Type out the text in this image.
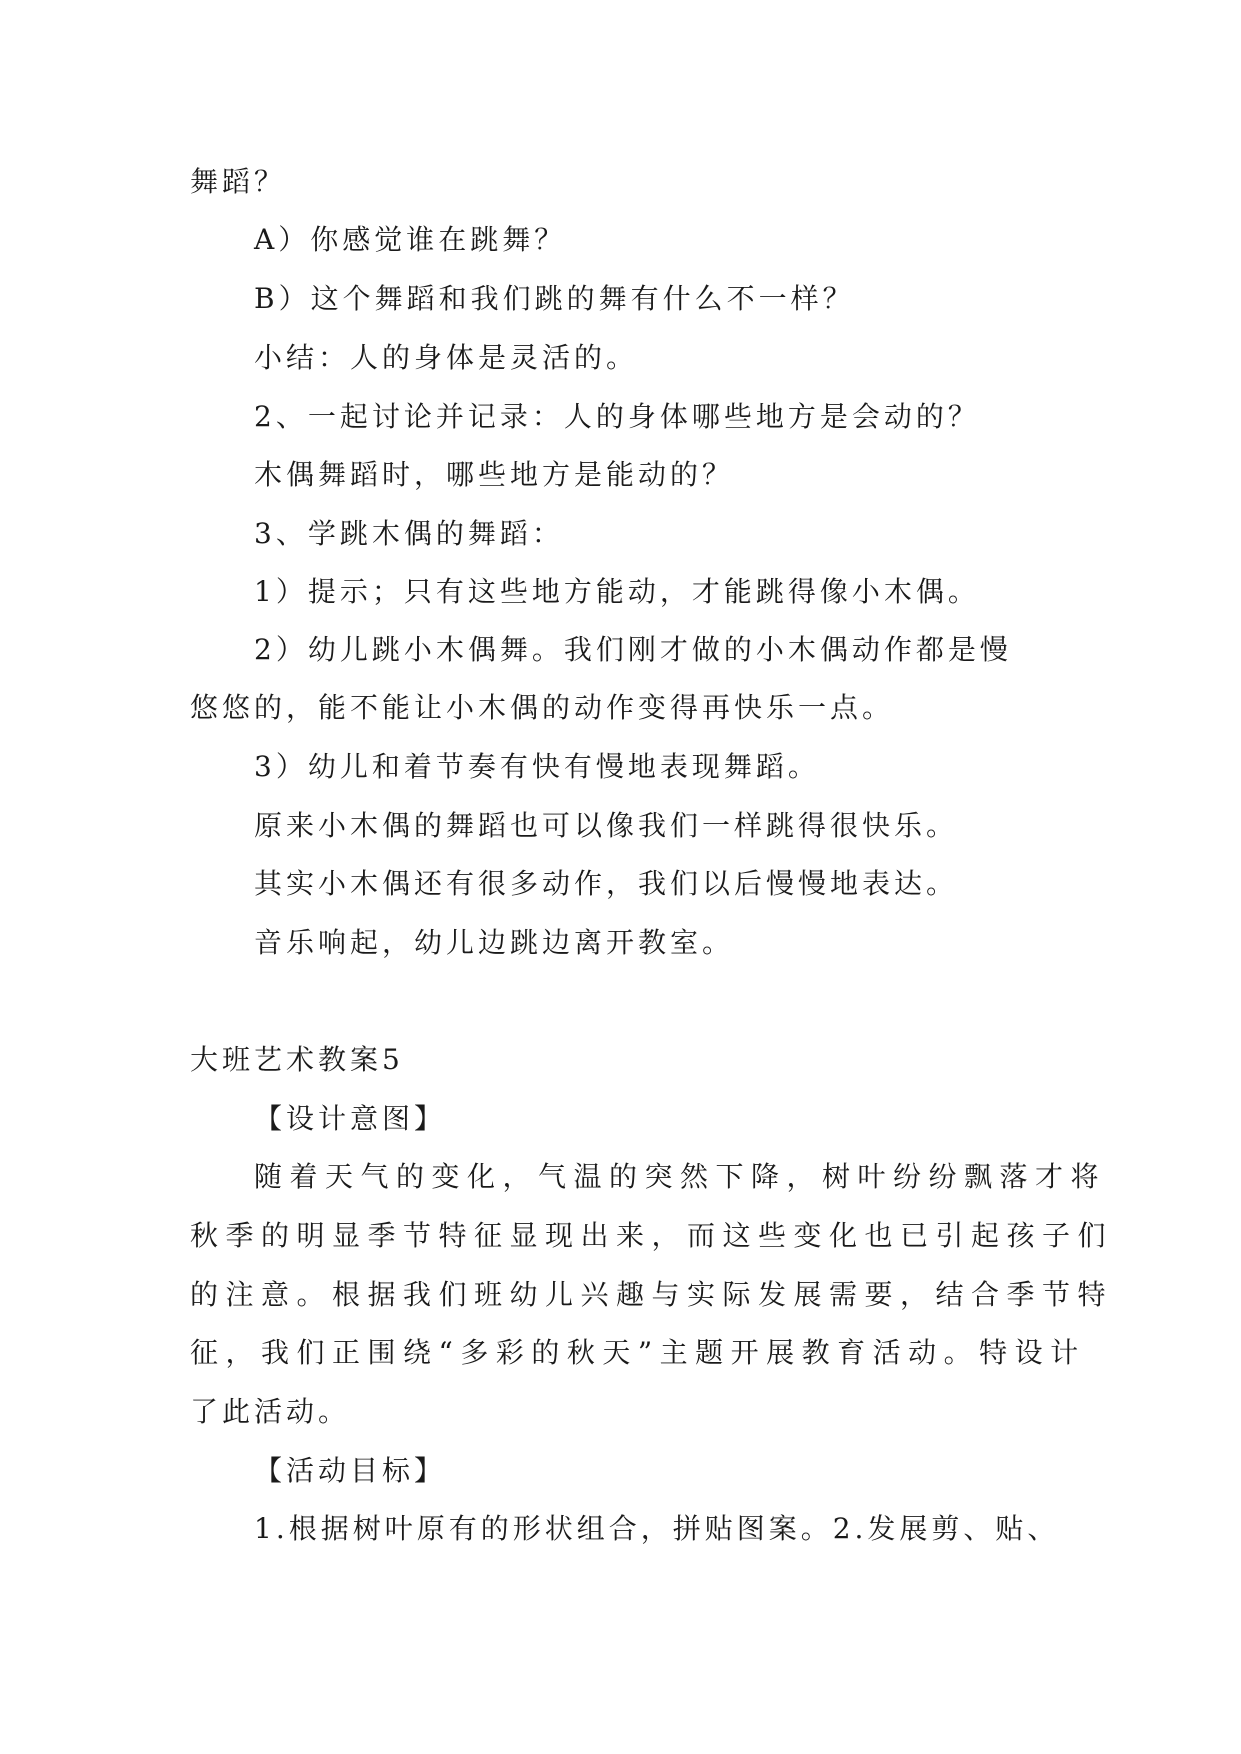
舞蹈？
A）你感觉谁在跳舞？
B）这个舞蹈和我们跳的舞有什么不一样？
小结：人的身体是灵活的。
2、一起讨论并记录：人的身体哪些地方是会动的？
木偶舞蹈时，哪些地方是能动的？
3、学跳木偶的舞蹈：
1）提示；只有这些地方能动，才能跳得像小木偶。
2）幼儿跳小木偶舞。我们刚才做的小木偶动作都是慢
悠悠的，能不能让小木偶的动作变得再快乐一点。
3）幼儿和着节奏有快有慢地表现舞蹈。
原来小木偶的舞蹈也可以像我们一样跳得很快乐。
其实小木偶还有很多动作，我们以后慢慢地表达。
音乐响起，幼儿边跳边离开教室。
大班艺术教案5
【设计意图】
随着天气的变化，气温的突然下降，树叶纷纷飘落才将
秋季的明显季节特征显现出来，而这些变化也已引起孩子们
的注意。根据我们班幼儿兴趣与实际发展需要，结合季节特
征，我们正围绕“多彩的秋天”主题开展教育活动。特设计
了此活动。
【活动目标】
1.根据树叶原有的形状组合，拼贴图案。2.发展剪、贴、
